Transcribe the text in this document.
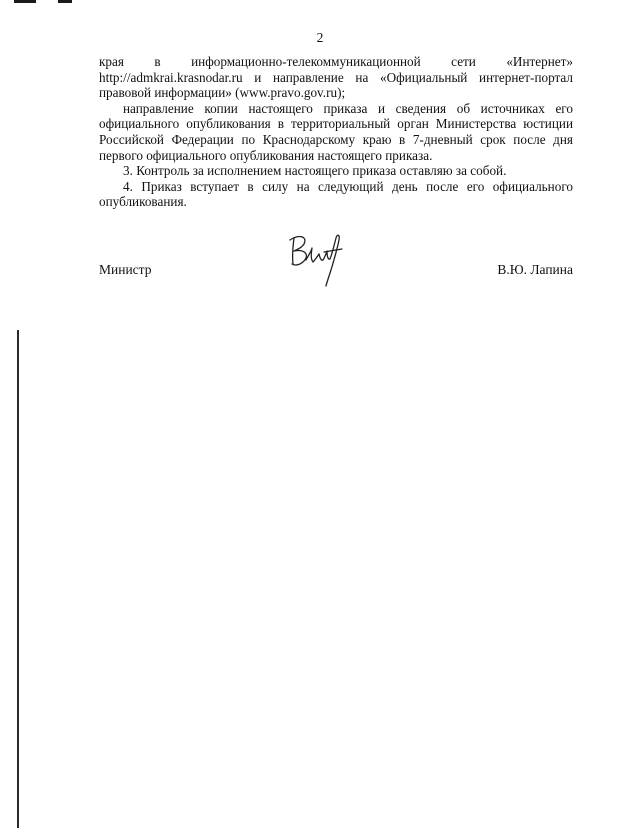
2
края в информационно-телекоммуникационной сети «Интернет»
http://admkrai.krasnodar.ru и направление на «Официальный интернет-портал
правовой информации» (www.pravo.gov.ru);
направление копии настоящего приказа и сведения об источниках его
официального опубликования в территориальный орган Министерства юстиции
Российской Федерации по Краснодарскому краю в 7-дневный срок после дня
первого официального опубликования настоящего приказа.
3. Контроль за исполнением настоящего приказа оставляю за собой.
4. Приказ вступает в силу на следующий день после его официального
опубликования.
Министр	В.Ю. Лапина
